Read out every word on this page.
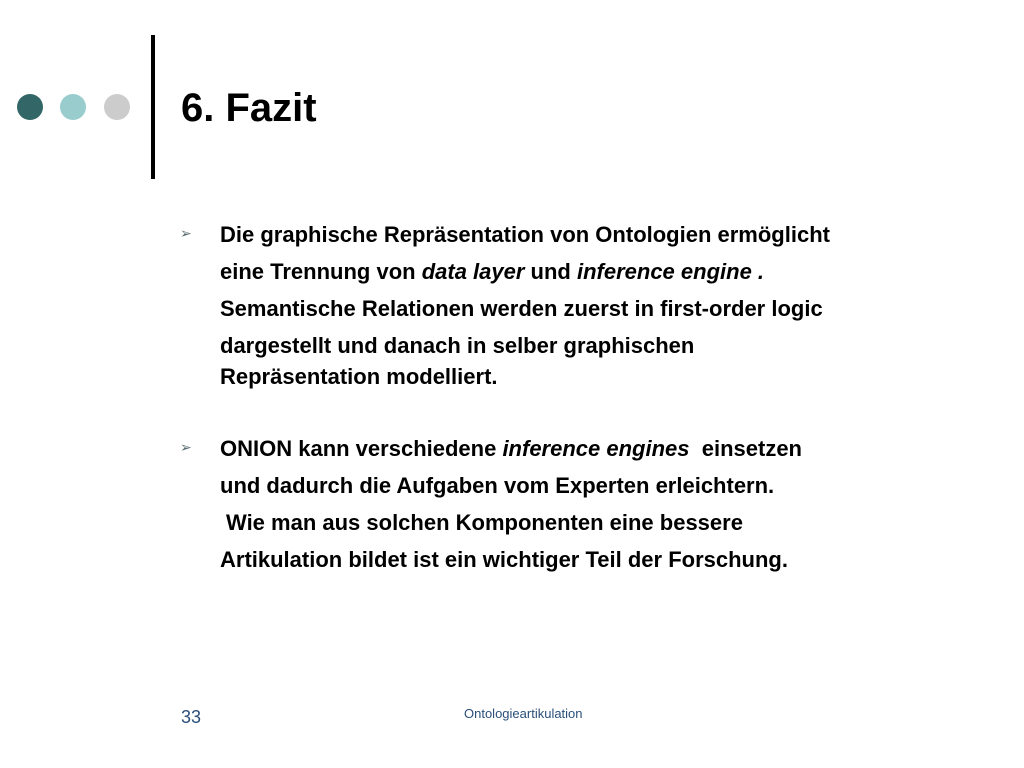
6. Fazit
➢ Die graphische Repräsentation von Ontologien ermöglicht
eine Trennung von data layer und inference engine .
Semantische Relationen werden zuerst in first-order logic
dargestellt und danach in selber graphischen
Repräsentation modelliert.
➢ ONION kann verschiedene inference engines  einsetzen
und dadurch die Aufgaben vom Experten erleichtern.
Wie man aus solchen Komponenten eine bessere
Artikulation bildet ist ein wichtiger Teil der Forschung.
33	Ontologieartikulation
